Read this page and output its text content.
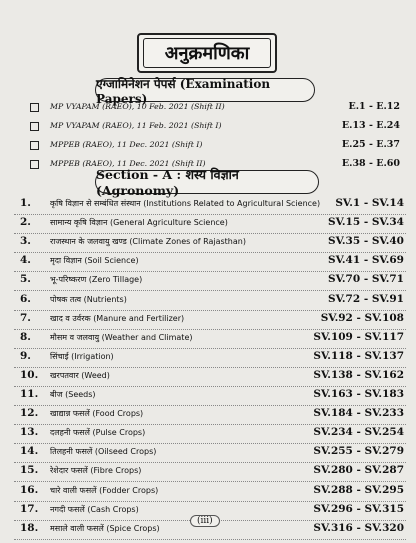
अनुक्रमणिका
एग्जामिनेशन पेपर्स (Examination Papers)
MP VYAPAM (RAEO), 10 Feb. 2021 (Shift II)	E.1 - E.12
MP VYAPAM (RAEO), 11 Feb. 2021 (Shift I)	E.13 - E.24
MPPEB (RAEO), 11 Dec. 2021 (Shift I)	E.25 - E.37
MPPEB (RAEO), 11 Dec. 2021 (Shift II)	E.38 - E.60
Section - A : शस्य विज्ञान (Agronomy)
1. कृषि विज्ञान से सम्बंधित संस्थान (Institutions Related to Agricultural Science) SV.1 - SV.14
2. सामान्य कृषि विज्ञान (General Agriculture Science)	SV.15 - SV.34
3. राजस्थान के जलवायु खण्ड (Climate Zones of Rajasthan)	SV.35 - SV.40
4. मृदा विज्ञान (Soil Science)	SV.41 - SV.69
5. भू-परिष्करण (Zero Tillage)	SV.70 - SV.71
6. पोषक तत्व (Nutrients)	SV.72 - SV.91
7. खाद व उर्वरक (Manure and Fertilizer)	SV.92 - SV.108
8. मौसम व जलवायु (Weather and Climate)	SV.109 - SV.117
9. सिंचाई (Irrigation)	SV.118 - SV.137
10. खरपतवार (Weed)	SV.138 - SV.162
11. बीज (Seeds)	SV.163 - SV.183
12. खाद्यान्न फसलें (Food Crops)	SV.184 - SV.233
13. दलहनी फसलें (Pulse Crops)	SV.234 - SV.254
14. तिलहनी फसलें (Oilseed Crops)	SV.255 - SV.279
15. रेशेदार फसलें (Fibre Crops)	SV.280 - SV.287
16. चारे वाली फसलें (Fodder Crops)	SV.288 - SV.295
17. नगदी फसलें (Cash Crops)	SV.296 - SV.315
18. मसाले वाली फसलें (Spice Crops)	SV.316 - SV.320
(iii)
